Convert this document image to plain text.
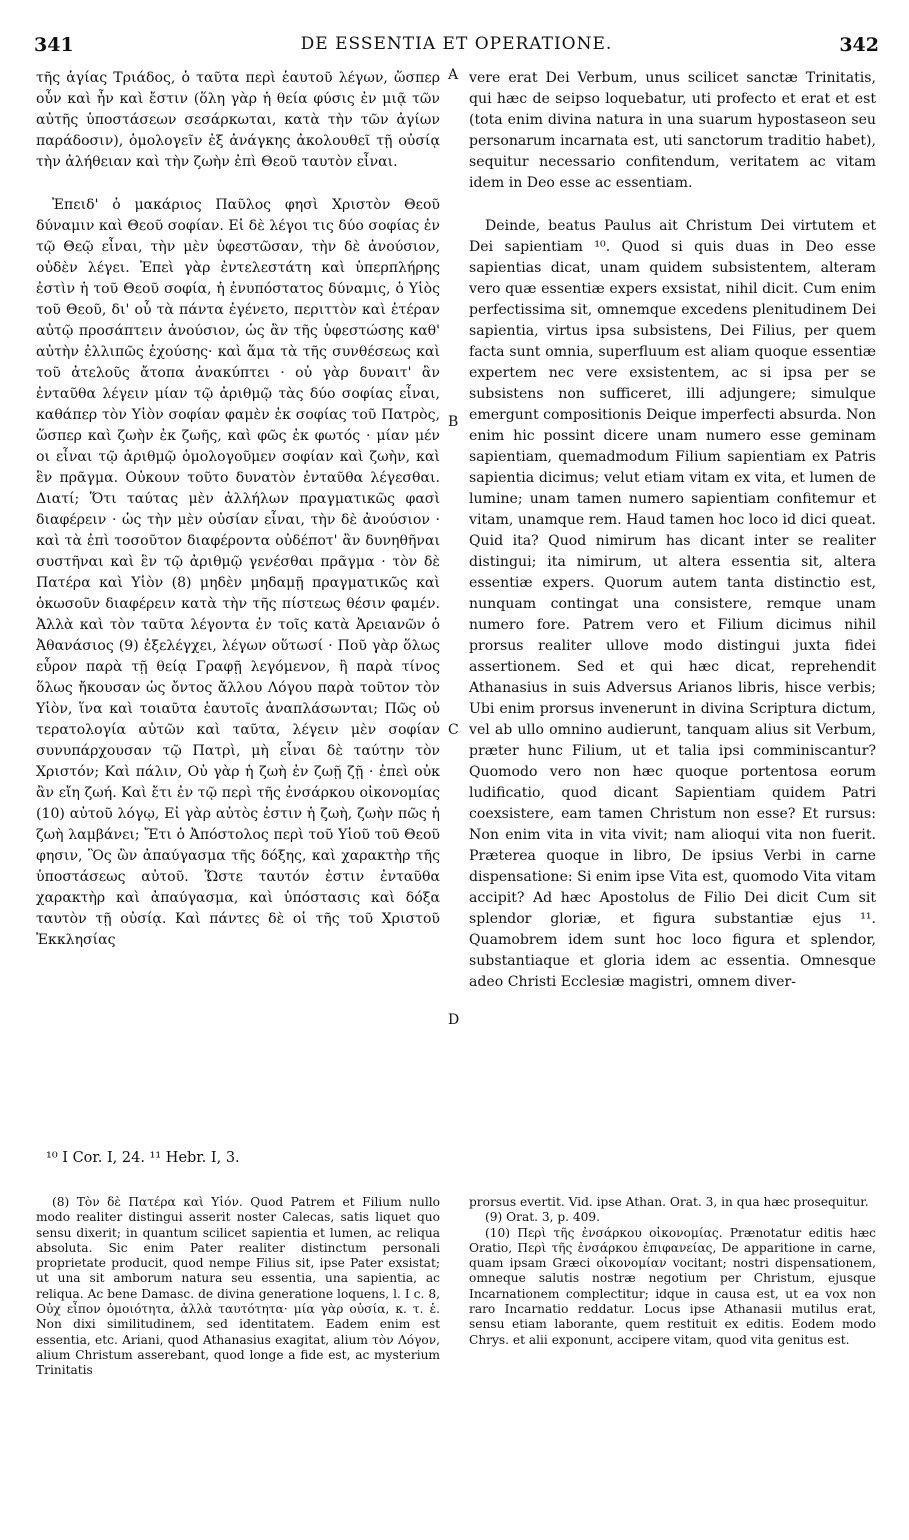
341	DE ESSENTIA ET OPERATIONE.	342

τῆς ἁγίας Τριάδος, ὁ ταῦτα περὶ ἑαυτοῦ λέγων, ὥσπερ οὖν καὶ ἦν καὶ ἔστιν (ὅλη γὰρ ἡ θεία φύσις ἐν μιᾷ τῶν αὐτῆς ὑποστάσεων σεσάρκωται, κατὰ τὴν τῶν ἁγίων παράδοσιν), ὁμολογεῖν ἐξ ἀνάγκης ἀκολουθεῖ τῇ οὐσίᾳ τὴν ἀλήθειαν καὶ τὴν ζωὴν ἐπὶ Θεοῦ ταυτὸν εἶναι.

Ἐπειδ' ὁ μακάριος Παῦλος φησὶ Χριστὸν Θεοῦ δύναμιν καὶ Θεοῦ σοφίαν. Εἰ δὲ λέγοι τις δύο σοφίας ἐν τῷ Θεῷ εἶναι, τὴν μὲν ὑφεστῶσαν, τὴν δὲ ἀνούσιον, οὐδὲν λέγει. Ἐπεὶ γὰρ ἐντελεστάτη καὶ ὑπερπλήρης ἐστὶν ἡ τοῦ Θεοῦ σοφία, ἡ ἐνυπόστατος δύναμις, ὁ Υἱὸς τοῦ Θεοῦ, δι' οὗ τὰ πάντα ἐγένετο, περιττὸν καὶ ἑτέραν αὐτῷ προσάπτειν ἀνούσιον, ὡς ἂν τῆς ὑφεστώσης καθ' αὐτὴν ἐλλιπῶς ἐχούσης· καὶ ἅμα τὰ τῆς συνθέσεως καὶ τοῦ ἀτελοῦς ἄτοπα ἀνακύπτει · οὐ γὰρ δυναιτ' ἂν ἐνταῦθα λέγειν μίαν τῷ ἀριθμῷ τὰς δύο σοφίας εἶναι, καθάπερ τὸν Υἱὸν σοφίαν φαμὲν ἐκ σοφίας τοῦ Πατρὸς, ὥσπερ καὶ ζωὴν ἐκ ζωῆς, καὶ φῶς ἐκ φωτός · μίαν μέν οι εἶναι τῷ ἀριθμῷ ὁμολογοῦμεν σοφίαν καὶ ζωὴν, καὶ ἓν πρᾶγμα. Οὐκουν τοῦτο δυνατὸν ἐνταῦθα λέγεσθαι. Διατί; Ὅτι ταύτας μὲν ἀλλήλων πραγματικῶς φασὶ διαφέρειν · ὡς τὴν μὲν οὐσίαν εἶναι, τὴν δὲ ἀνούσιον · καὶ τὰ ἐπὶ τοσοῦτον διαφέροντα οὐδέποτ' ἂν δυνηθῆναι συστῆναι καὶ ἓν τῷ ἀριθμῷ γενέσθαι πρᾶγμα · τὸν δὲ Πατέρα καὶ Υἱὸν (8) μηδὲν μηδαμῇ πραγματικῶς καὶ ὁκωσοῦν διαφέρειν κατὰ τὴν τῆς πίστεως θέσιν φαμέν. Ἀλλὰ καὶ τὸν ταῦτα λέγοντα ἐν τοῖς κατὰ Ἀρειανῶν ὁ Ἀθανάσιος (9) ἐξελέγχει, λέγων οὕτωσί · Ποῦ γὰρ ὅλως εὗρον παρὰ τῇ θείᾳ Γραφῇ λεγόμενον, ἢ παρὰ τίνος ὅλως ἤκουσαν ὡς ὄντος ἄλλου Λόγου παρὰ τοῦτον τὸν Υἱὸν, ἵνα καὶ τοιαῦτα ἑαυτοῖς ἀναπλάσωνται; Πῶς οὐ τερατολογία αὐτῶν καὶ ταῦτα, λέγειν μὲν σοφίαν συνυπάρχουσαν τῷ Πατρὶ, μὴ εἶναι δὲ ταύτην τὸν Χριστόν; Καὶ πάλιν, Οὐ γὰρ ἡ ζωὴ ἐν ζωῇ ζῇ · ἐπεὶ οὐκ ἂν εἴη ζωή. Καὶ ἔτι ἐν τῷ περὶ τῆς ἐνσάρκου οἰκονομίας (10) αὐτοῦ λόγῳ, Εἰ γὰρ αὐτὸς ἐστιν ἡ ζωὴ, ζωὴν πῶς ἡ ζωὴ λαμβάνει; Ἔτι ὁ Ἀπόστολος περὶ τοῦ Υἱοῦ τοῦ Θεοῦ φησιν, Ὃς ὢν ἀπαύγασμα τῆς δόξης, καὶ χαρακτὴρ τῆς ὑποστάσεως αὐτοῦ. Ὥστε ταυτόν ἐστιν ἐνταῦθα χαρακτὴρ καὶ ἀπαύγασμα, καὶ ὑπόστασις καὶ δόξα ταυτὸν τῇ οὐσίᾳ. Καὶ πάντες δὲ οἱ τῆς τοῦ Χριστοῦ Ἐκκλησίας

A
B
C
D

vere erat Dei Verbum, unus scilicet sanctæ Trinitatis, qui hæc de seipso loquebatur, uti profecto et erat et est (tota enim divina natura in una suarum hypostaseon seu personarum incarnata est, uti sanctorum traditio habet), sequitur necessario confitendum, veritatem ac vitam idem in Deo esse ac essentiam.

Deinde, beatus Paulus ait Christum Dei virtutem et Dei sapientiam ¹⁰. Quod si quis duas in Deo esse sapientias dicat, unam quidem subsistentem, alteram vero quæ essentiæ expers exsistat, nihil dicit. Cum enim perfectissima sit, omnemque excedens plenitudinem Dei sapientia, virtus ipsa subsistens, Dei Filius, per quem facta sunt omnia, superfluum est aliam quoque essentiæ expertem nec vere exsistentem, ac si ipsa per se subsistens non sufficeret, illi adjungere; simulque emergunt compositionis Deique imperfecti absurda. Non enim hic possint dicere unam numero esse geminam sapientiam, quemadmodum Filium sapientiam ex Patris sapientia dicimus; velut etiam vitam ex vita, et lumen de lumine; unam tamen numero sapientiam confitemur et vitam, unamque rem. Haud tamen hoc loco id dici queat. Quid ita? Quod nimirum has dicant inter se realiter distingui; ita nimirum, ut altera essentia sit, altera essentiæ expers. Quorum autem tanta distinctio est, nunquam contingat una consistere, remque unam numero fore. Patrem vero et Filium dicimus nihil prorsus realiter ullove modo distingui juxta fidei assertionem. Sed et qui hæc dicat, reprehendit Athanasius in suis Adversus Arianos libris, hisce verbis; Ubi enim prorsus invenerunt in divina Scriptura dictum, vel ab ullo omnino audierunt, tanquam alius sit Verbum, præter hunc Filium, ut et talia ipsi comminiscantur? Quomodo vero non hæc quoque portentosa eorum ludificatio, quod dicant Sapientiam quidem Patri coexsistere, eam tamen Christum non esse? Et rursus: Non enim vita in vita vivit; nam alioqui vita non fuerit. Præterea quoque in libro, De ipsius Verbi in carne dispensatione: Si enim ipse Vita est, quomodo Vita vitam accipit? Ad hæc Apostolus de Filio Dei dicit Cum sit splendor gloriæ, et figura substantiæ ejus ¹¹. Quamobrem idem sunt hoc loco figura et splendor, substantiaque et gloria idem ac essentia. Omnesque adeo Christi Ecclesiæ magistri, omnem diver-

¹⁰ I Cor. I, 24. ¹¹ Hebr. I, 3.

(8) Τὸν δὲ Πατέρα καὶ Υἱόν. Quod Patrem et Filium nullo modo realiter distingui asserit noster Calecas, satis liquet quo sensu dixerit; in quantum scilicet sapientia et lumen, ac reliqua absoluta. Sic enim Pater realiter distinctum personali proprietate producit, quod nempe Filius sit, ipse Pater exsistat; ut una sit amborum natura seu essentia, una sapientia, ac reliqua. Ac bene Damasc. de divina generatione loquens, l. I c. 8, Οὐχ εἶπον ὁμοιότητα, ἀλλὰ ταυτότητα· μία γὰρ οὐσία, κ. τ. ἑ. Non dixi similitudinem, sed identitatem. Eadem enim est essentia, etc. Ariani, quod Athanasius exagitat, alium τὸν Λόγον, alium Christum asserebant, quod longe a fide est, ac mysterium Trinitatis

prorsus evertit. Vid. ipse Athan. Orat. 3, in qua hæc prosequitur.

(9) Orat. 3, p. 409.

(10) Περὶ τῆς ἐνσάρκου οἰκονομίας. Prænotatur editis hæc Oratio, Περὶ τῆς ἐνσάρκου ἐπιφανείας, De apparitione in carne, quam ipsam Græci οἰκονομίαν vocitant; nostri dispensationem, omneque salutis nostræ negotium per Christum, ejusque Incarnationem complectitur; idque in causa est, ut ea vox non raro Incarnatio reddatur. Locus ipse Athanasii mutilus erat, sensu etiam laborante, quem restituit ex editis. Eodem modo Chrys. et alii exponunt, accipere vitam, quod vita genitus est.
